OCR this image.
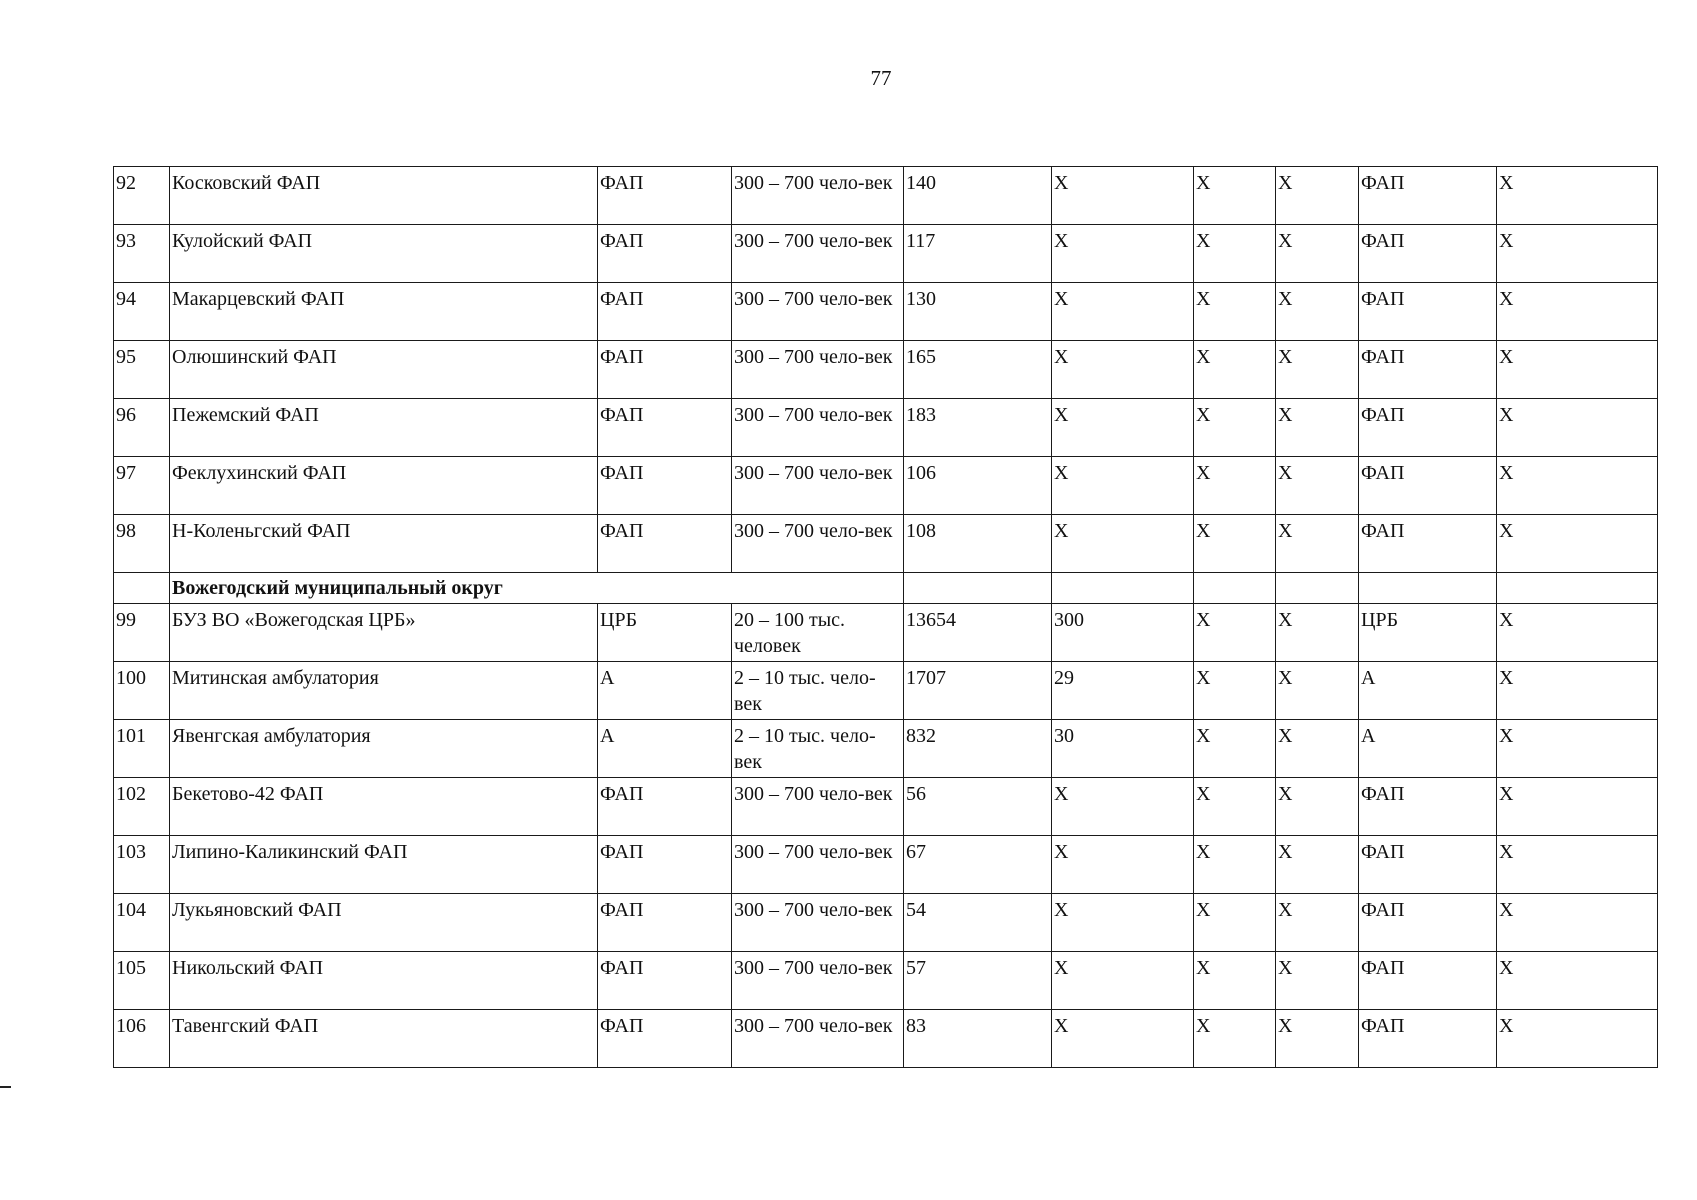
77
92	Косковский ФАП	ФАП	300 – 700 чело-век	140	Х	Х	Х	ФАП	Х
93	Кулойский ФАП	ФАП	300 – 700 чело-век	117	Х	Х	Х	ФАП	Х
94	Макарцевский ФАП	ФАП	300 – 700 чело-век	130	Х	Х	Х	ФАП	Х
95	Олюшинский ФАП	ФАП	300 – 700 чело-век	165	Х	Х	Х	ФАП	Х
96	Пежемский ФАП	ФАП	300 – 700 чело-век	183	Х	Х	Х	ФАП	Х
97	Феклухинский ФАП	ФАП	300 – 700 чело-век	106	Х	Х	Х	ФАП	Х
98	Н-Коленьгский ФАП	ФАП	300 – 700 чело-век	108	Х	Х	Х	ФАП	Х
	Вожегодский муниципальный округ								
99	БУЗ ВО «Вожегодская ЦРБ»	ЦРБ	20 – 100 тыс. человек	13654	300	Х	Х	ЦРБ	Х
100	Митинская амбулатория	А	2 – 10 тыс. чело-век	1707	29	Х	Х	А	Х
101	Явенгская амбулатория	А	2 – 10 тыс. чело-век	832	30	Х	Х	А	Х
102	Бекетово-42 ФАП	ФАП	300 – 700 чело-век	56	Х	Х	Х	ФАП	Х
103	Липино-Каликинский ФАП	ФАП	300 – 700 чело-век	67	Х	Х	Х	ФАП	Х
104	Лукьяновский ФАП	ФАП	300 – 700 чело-век	54	Х	Х	Х	ФАП	Х
105	Никольский ФАП	ФАП	300 – 700 чело-век	57	Х	Х	Х	ФАП	Х
106	Тавенгский ФАП	ФАП	300 – 700 чело-век	83	Х	Х	Х	ФАП	Х
